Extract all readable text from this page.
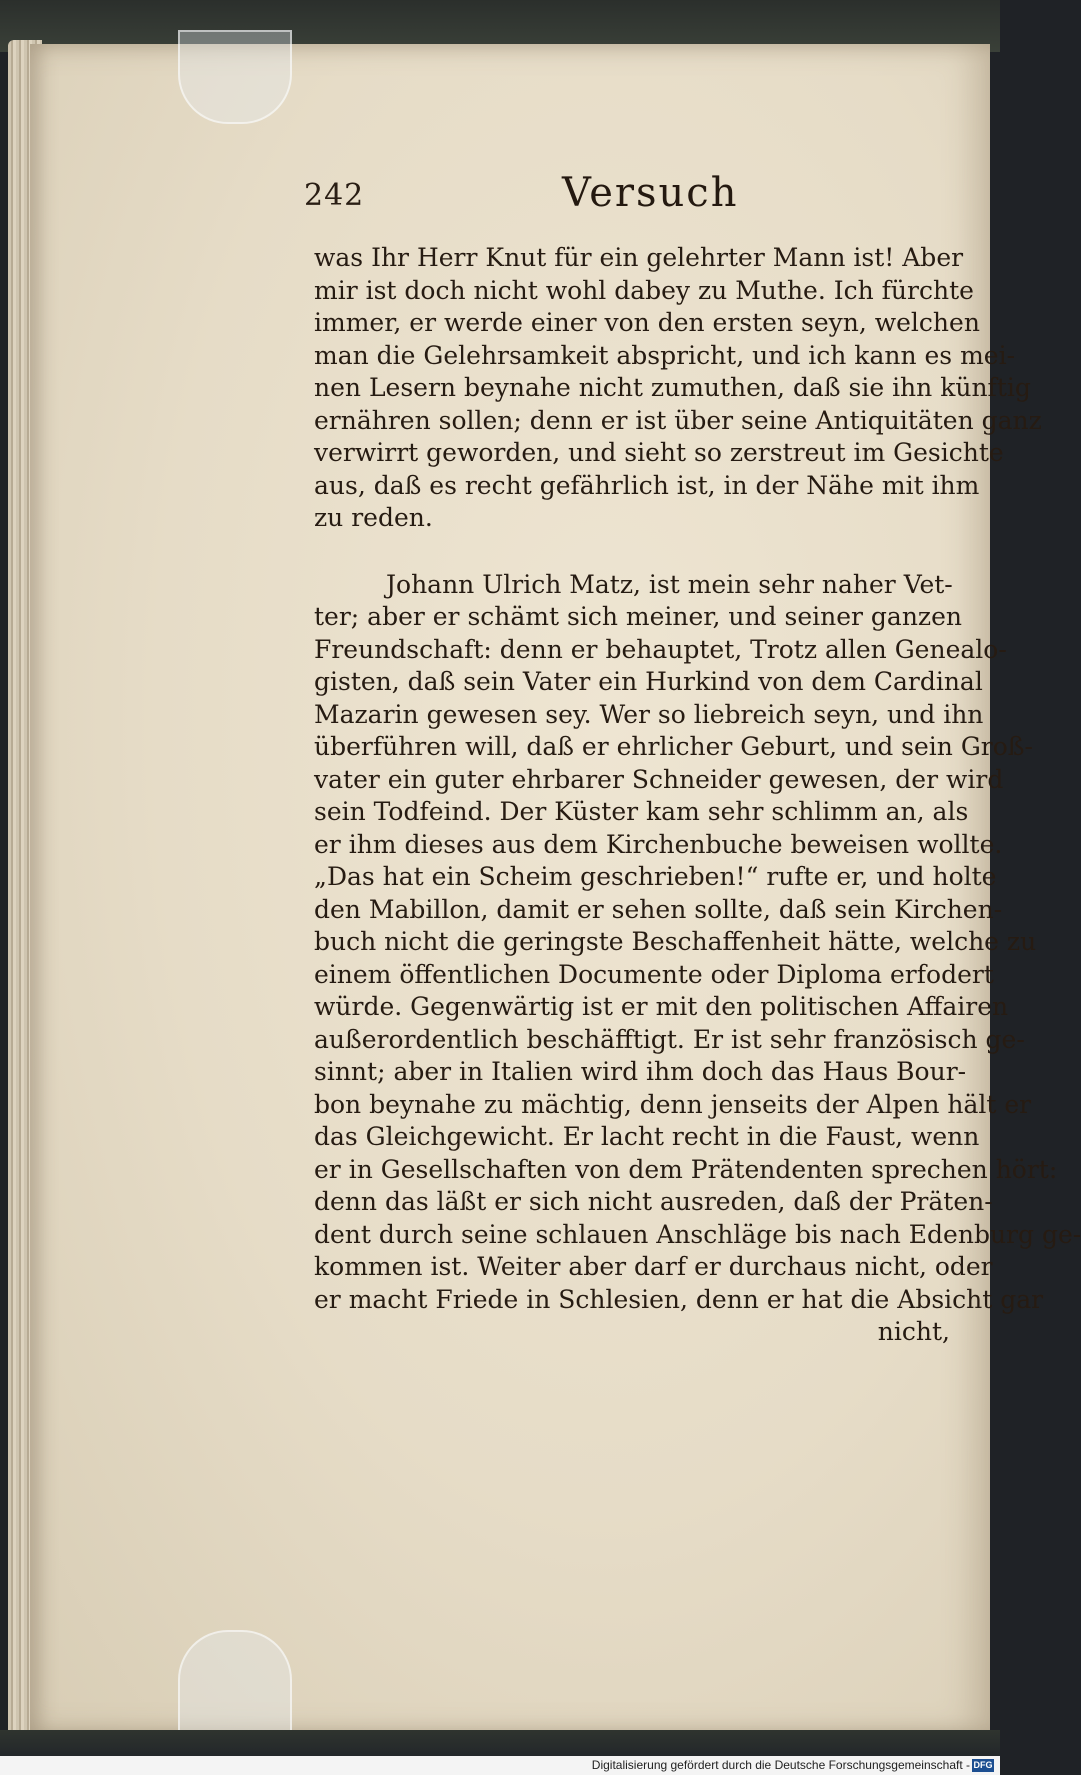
242	Versuch
was Ihr Herr Knut für ein gelehrter Mann ist! Aber
mir ist doch nicht wohl dabey zu Muthe. Ich fürchte
immer, er werde einer von den ersten seyn, welchen
man die Gelehrsamkeit abspricht, und ich kann es mei-
nen Lesern beynahe nicht zumuthen, daß sie ihn künftig
ernähren sollen; denn er ist über seine Antiquitäten ganz
verwirrt geworden, und sieht so zerstreut im Gesichte
aus, daß es recht gefährlich ist, in der Nähe mit ihm
zu reden.
Johann Ulrich Matz, ist mein sehr naher Vet-
ter; aber er schämt sich meiner, und seiner ganzen
Freundschaft: denn er behauptet, Trotz allen Genealo-
gisten, daß sein Vater ein Hurkind von dem Cardinal
Mazarin gewesen sey. Wer so liebreich seyn, und ihn
überführen will, daß er ehrlicher Geburt, und sein Groß-
vater ein guter ehrbarer Schneider gewesen, der wird
sein Todfeind. Der Küster kam sehr schlimm an, als
er ihm dieses aus dem Kirchenbuche beweisen wollte.
„Das hat ein Scheim geschrieben!“ rufte er, und holte
den Mabillon, damit er sehen sollte, daß sein Kirchen-
buch nicht die geringste Beschaffenheit hätte, welche zu
einem öffentlichen Documente oder Diploma erfodert
würde. Gegenwärtig ist er mit den politischen Affairen
außerordentlich beschäfftigt. Er ist sehr französisch ge-
sinnt; aber in Italien wird ihm doch das Haus Bour-
bon beynahe zu mächtig, denn jenseits der Alpen hält er
das Gleichgewicht. Er lacht recht in die Faust, wenn
er in Gesellschaften von dem Prätendenten sprechen hört:
denn das läßt er sich nicht ausreden, daß der Präten-
dent durch seine schlauen Anschläge bis nach Edenburg ge-
kommen ist. Weiter aber darf er durchaus nicht, oder
er macht Friede in Schlesien, denn er hat die Absicht gar
nicht,
Digitalisierung gefördert durch die Deutsche Forschungsgemeinschaft - DFG
